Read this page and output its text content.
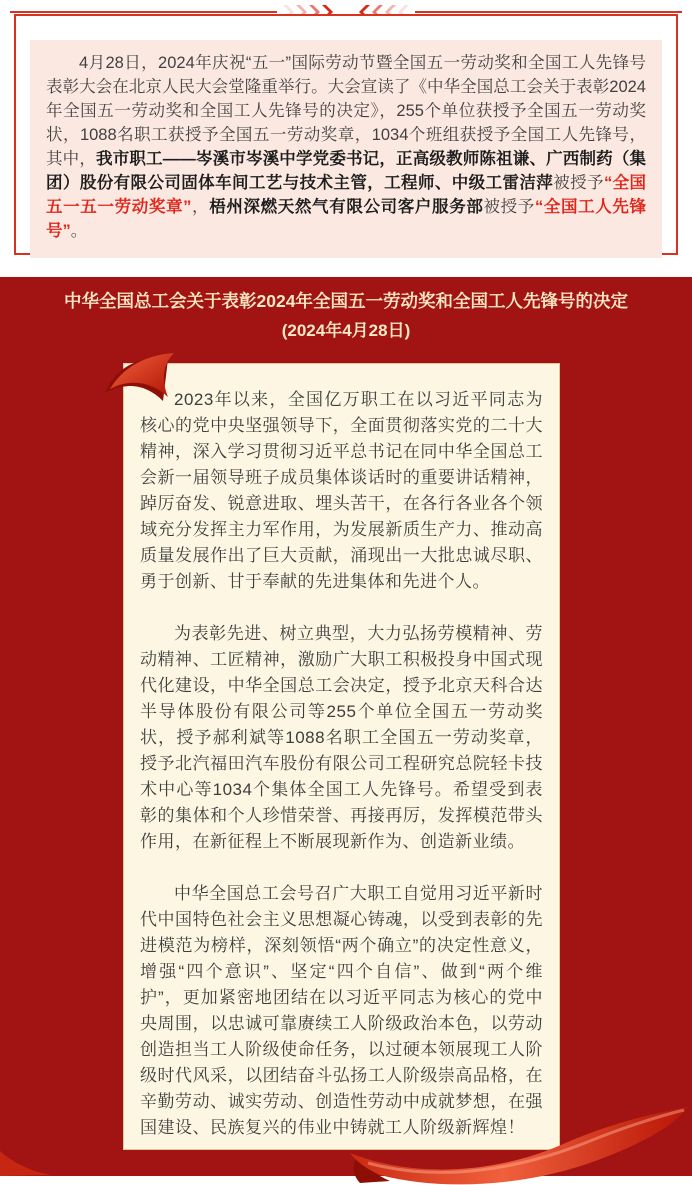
4月28日，2024年庆祝“五一”国际劳动节暨全国五一劳动奖和全国工人先锋号表彰大会在北京人民大会堂隆重举行。大会宣读了《中华全国总工会关于表彰2024年全国五一劳动奖和全国工人先锋号的决定》，255个单位获授予全国五一劳动奖状，1088名职工获授予全国五一劳动奖章，1034个班组获授予全国工人先锋号，其中，我市职工——岑溪市岑溪中学党委书记，正高级教师陈祖谦、广西制药（集团）股份有限公司固体车间工艺与技术主管，工程师、中级工雷洁萍被授予“全国五一五一劳动奖章”，梧州深燃天然气有限公司客户服务部被授予“全国工人先锋号”。

中华全国总工会关于表彰2024年全国五一劳动奖和全国工人先锋号的决定
(2024年4月28日)

2023年以来，全国亿万职工在以习近平同志为核心的党中央坚强领导下，全面贯彻落实党的二十大精神，深入学习贯彻习近平总书记在同中华全国总工会新一届领导班子成员集体谈话时的重要讲话精神，踔厉奋发、锐意进取、埋头苦干，在各行各业各个领域充分发挥主力军作用，为发展新质生产力、推动高质量发展作出了巨大贡献，涌现出一大批忠诚尽职、勇于创新、甘于奉献的先进集体和先进个人。

为表彰先进、树立典型，大力弘扬劳模精神、劳动精神、工匠精神，激励广大职工积极投身中国式现代化建设，中华全国总工会决定，授予北京天科合达半导体股份有限公司等255个单位全国五一劳动奖状，授予郝利斌等1088名职工全国五一劳动奖章，授予北汽福田汽车股份有限公司工程研究总院轻卡技术中心等1034个集体全国工人先锋号。希望受到表彰的集体和个人珍惜荣誉、再接再厉，发挥模范带头作用，在新征程上不断展现新作为、创造新业绩。

中华全国总工会号召广大职工自觉用习近平新时代中国特色社会主义思想凝心铸魂，以受到表彰的先进模范为榜样，深刻领悟“两个确立”的决定性意义，增强“四个意识”、坚定“四个自信”、做到“两个维护”，更加紧密地团结在以习近平同志为核心的党中央周围，以忠诚可靠赓续工人阶级政治本色，以劳动创造担当工人阶级使命任务，以过硬本领展现工人阶级时代风采，以团结奋斗弘扬工人阶级崇高品格，在辛勤劳动、诚实劳动、创造性劳动中成就梦想，在强国建设、民族复兴的伟业中铸就工人阶级新辉煌！
